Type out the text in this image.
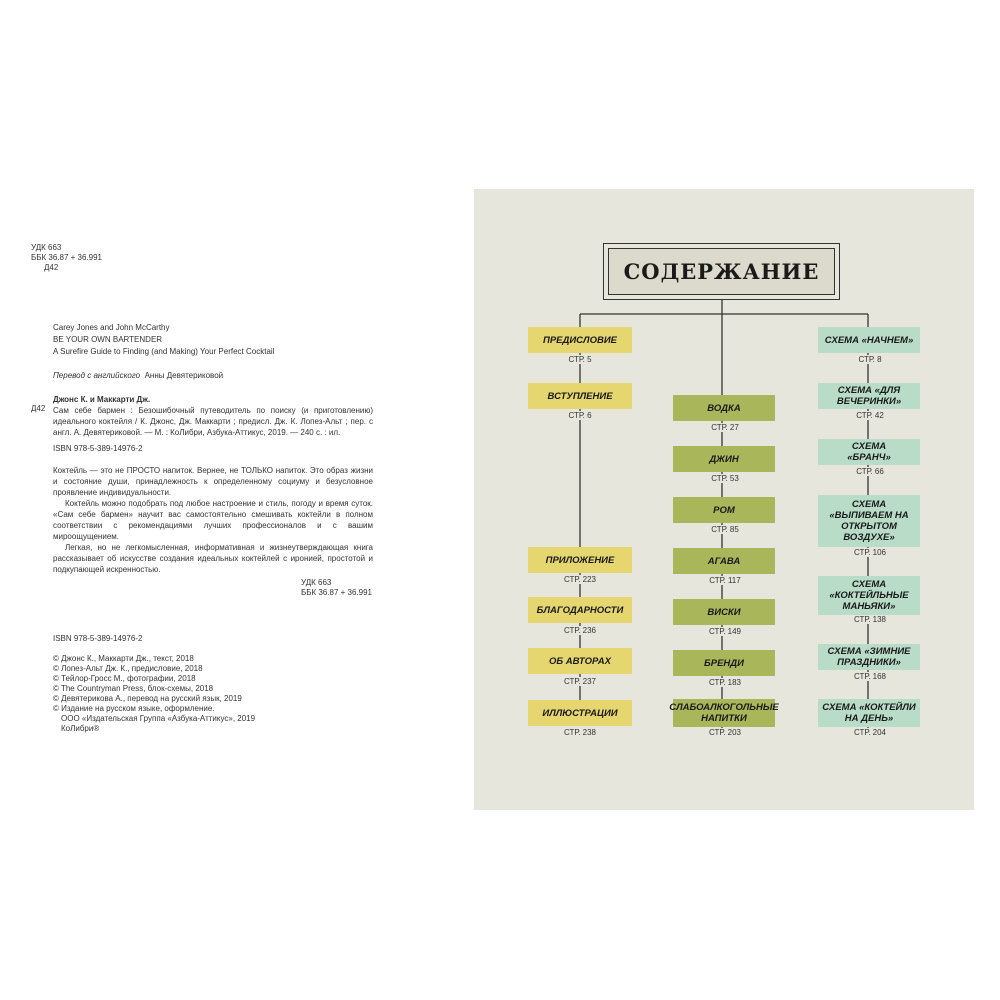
УДК 663
ББК 36.87 + 36.991
Д42
Carey Jones and John McCarthy
BE YOUR OWN BARTENDER
A Surefire Guide to Finding (and Making) Your Perfect Cocktail
Перевод с английского Анны Девятериковой
Д42
Джонс К. и Маккарти Дж.
Сам себе бармен : Безошибочный путеводитель по поиску (и приготовлению) идеального коктейля / К. Джонс, Дж. Маккарти ; предисл. Дж. К. Лопез-Альт ; пер. с англ. А. Девятериковой. — М. : КоЛибри, Азбука-Аттикус, 2019. — 240 с. : ил.
ISBN 978-5-389-14976-2
Коктейль — это не ПРОСТО напиток. Вернее, не ТОЛЬКО напиток. Это образ жизни и состояние души, принадлежность к определенному социуму и безусловное проявление индивидуальности.
Коктейль можно подобрать под любое настроение и стиль, погоду и время суток. «Сам себе бармен» научит вас самостоятельно смешивать коктейли в полном соответствии с рекомендациями лучших профессионалов и с вашим мироощущением.
Легкая, но не легкомысленная, информативная и жизнеутверждающая книга рассказывает об искусстве создания идеальных коктейлей с иронией, простотой и подкупающей искренностью.
УДК 663
ББК 36.87 + 36.991
ISBN 978-5-389-14976-2
© Джонс К., Маккарти Дж., текст, 2018
© Лопез-Альт Дж. К., предисловие, 2018
© Тейлор-Гросс М., фотографии, 2018
© The Countryman Press, блок-схемы, 2018
© Девятерикова А., перевод на русский язык, 2019
© Издание на русском языке, оформление.
ООО «Издательская Группа «Азбука-Аттикус», 2019
КоЛибри®
СОДЕРЖАНИЕ
ПРЕДИСЛОВИЕ
СТР. 5
ВСТУПЛЕНИЕ
СТР. 6
ПРИЛОЖЕНИЕ
СТР. 223
БЛАГОДАРНОСТИ
СТР. 236
ОБ АВТОРАХ
СТР. 237
ИЛЛЮСТРАЦИИ
СТР. 238
ВОДКА
СТР. 27
ДЖИН
СТР. 53
РОМ
СТР. 85
АГАВА
СТР. 117
ВИСКИ
СТР. 149
БРЕНДИ
СТР. 183
СЛАБОАЛКОГОЛЬНЫЕ НАПИТКИ
СТР. 203
СХЕМА «НАЧНЕМ»
СТР. 8
СХЕМА «ДЛЯ ВЕЧЕРИНКИ»
СТР. 42
СХЕМА «БРАНЧ»
СТР. 66
СХЕМА «ВЫПИВАЕМ НА ОТКРЫТОМ ВОЗДУХЕ»
СТР. 106
СХЕМА «КОКТЕЙЛЬНЫЕ МАНЬЯКИ»
СТР. 138
СХЕМА «ЗИМНИЕ ПРАЗДНИКИ»
СТР. 168
СХЕМА «КОКТЕЙЛИ НА ДЕНЬ»
СТР. 204
